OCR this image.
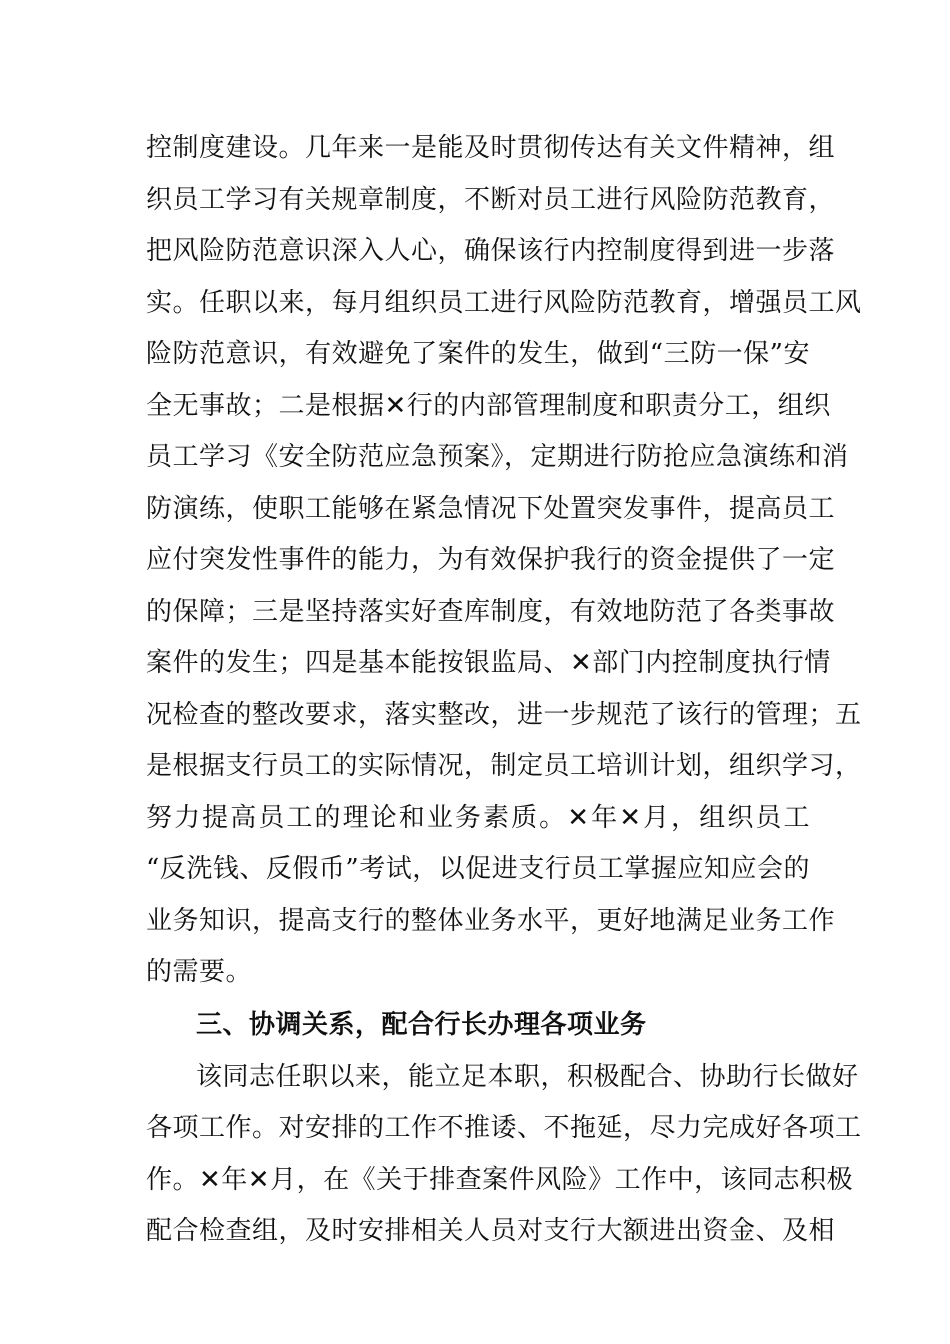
控制度建设。几年来一是能及时贯彻传达有关文件精神，组
织员工学习有关规章制度，不断对员工进行风险防范教育，
把风险防范意识深入人心，确保该行内控制度得到进一步落
实。任职以来，每月组织员工进行风险防范教育，增强员工风
险防范意识，有效避免了案件的发生，做到“三防一保”安
全无事故；二是根据✕行的内部管理制度和职责分工，组织
员工学习《安全防范应急预案》，定期进行防抢应急演练和消
防演练，使职工能够在紧急情况下处置突发事件，提高员工
应付突发性事件的能力，为有效保护我行的资金提供了一定
的保障；三是坚持落实好查库制度，有效地防范了各类事故
案件的发生；四是基本能按银监局、✕部门内控制度执行情
况检查的整改要求，落实整改，进一步规范了该行的管理；五
是根据支行员工的实际情况，制定员工培训计划，组织学习，
努力提高员工的理论和业务素质。✕年✕月，组织员工
“反洗钱、反假币”考试，以促进支行员工掌握应知应会的
业务知识，提高支行的整体业务水平，更好地满足业务工作
的需要。
三、协调关系，配合行长办理各项业务
该同志任职以来，能立足本职，积极配合、协助行长做好
各项工作。对安排的工作不推诿、不拖延，尽力完成好各项工
作。✕年✕月，在《关于排查案件风险》工作中，该同志积极
配合检查组，及时安排相关人员对支行大额进出资金、及相
